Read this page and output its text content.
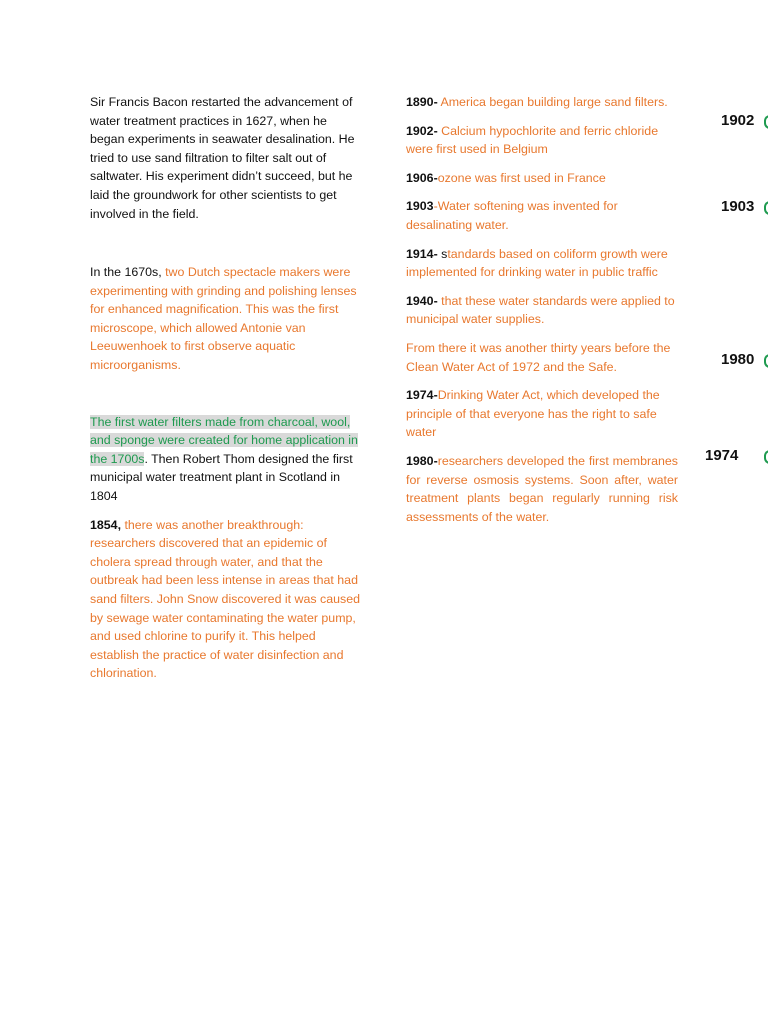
Sir Francis Bacon restarted the advancement of water treatment practices in 1627, when he began experiments in seawater desalination. He tried to use sand filtration to filter salt out of saltwater. His experiment didn’t succeed, but he laid the groundwork for other scientists to get involved in the field.

In the 1670s, two Dutch spectacle makers were experimenting with grinding and polishing lenses for enhanced magnification. This was the first microscope, which allowed Antonie van Leeuwenhoek to first observe aquatic microorganisms.

The first water filters made from charcoal, wool, and sponge were created for home application in the 1700s. Then Robert Thom designed the first municipal water treatment plant in Scotland in 1804

1854, there was another breakthrough: researchers discovered that an epidemic of cholera spread through water, and that the outbreak had been less intense in areas that had sand filters. John Snow discovered it was caused by sewage water contaminating the water pump, and used chlorine to purify it. This helped establish the practice of water disinfection and chlorination.

1890- America began building large sand filters.

1902- Calcium hypochlorite and ferric chloride were first used in Belgium

1906-ozone was first used in France

1903-Water softening was invented for desalinating water.

1914- standards based on coliform growth were implemented for drinking water in public traffic

1940- that these water standards were applied to municipal water supplies.

From there it was another thirty years before the Clean Water Act of 1972 and the Safe.

1974-Drinking Water Act, which developed the principle of that everyone has the right to safe water

1980-researchers developed the first membranes for reverse osmosis systems. Soon after, water treatment plants began regularly running risk assessments of the water.

1902
1903
1980
1974
